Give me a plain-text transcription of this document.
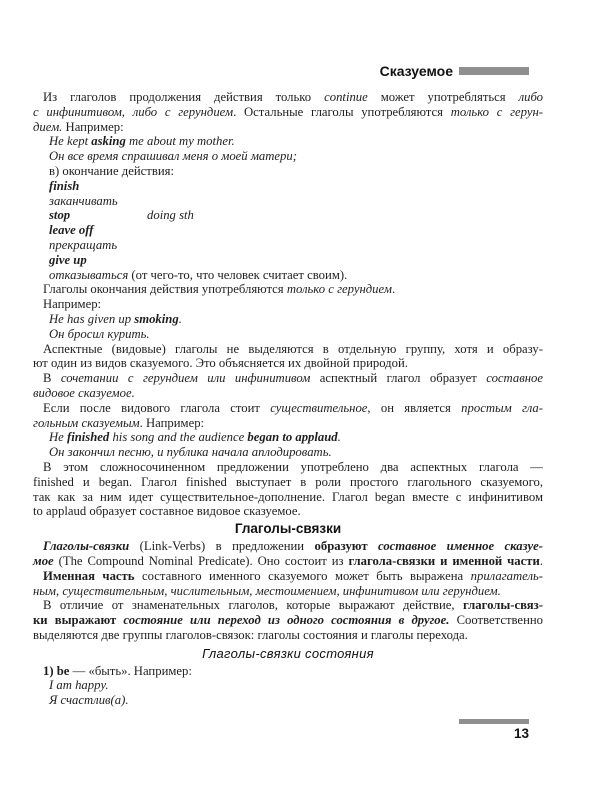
Сказуемое
Из глаголов продолжения действия только continue может употребляться либо
с инфинитивом, либо с герундием. Остальные глаголы употребляются только с герун-
дием. Например:
He kept asking me about my mother.
Он все время спрашивал меня о моей матери;
в) окончание действия:
finish
заканчивать
stop	doing sth
leave off
прекращать
give up
отказываться (от чего-то, что человек считает своим).
Глаголы окончания действия употребляются только с герундием.
Например:
He has given up smoking.
Он бросил курить.
Аспектные (видовые) глаголы не выделяются в отдельную группу, хотя и образу-
ют один из видов сказуемого. Это объясняется их двойной природой.
В сочетании с герундием или инфинитивом аспектный глагол образует составное
видовое сказуемое.
Если после видового глагола стоит существительное, он является простым гла-
гольным сказуемым. Например:
He finished his song and the audience began to applaud.
Он закончил песню, и публика начала аплодировать.
В этом сложносочиненном предложении употреблено два аспектных глагола —
finished и began. Глагол finished выступает в роли простого глагольного сказуемого,
так как за ним идет существительное-дополнение. Глагол began вместе с инфинитивом
to applaud образует составное видовое сказуемое.
Глаголы-связки
Глаголы-связки (Link-Verbs) в предложении образуют составное именное сказуе-
мое (The Compound Nominal Predicate). Оно состоит из глагола-связки и именной части.
Именная часть составного именного сказуемого может быть выражена прилагатель-
ным, существительным, числительным, местоимением, инфинитивом или герундием.
В отличие от знаменательных глаголов, которые выражают действие, глаголы-связ-
ки выражают состояние или переход из одного состояния в другое. Соответственно
выделяются две группы глаголов-связок: глаголы состояния и глаголы перехода.
Глаголы-связки состояния
1) be — «быть». Например:
I am happy.
Я счастлив(а).
13
